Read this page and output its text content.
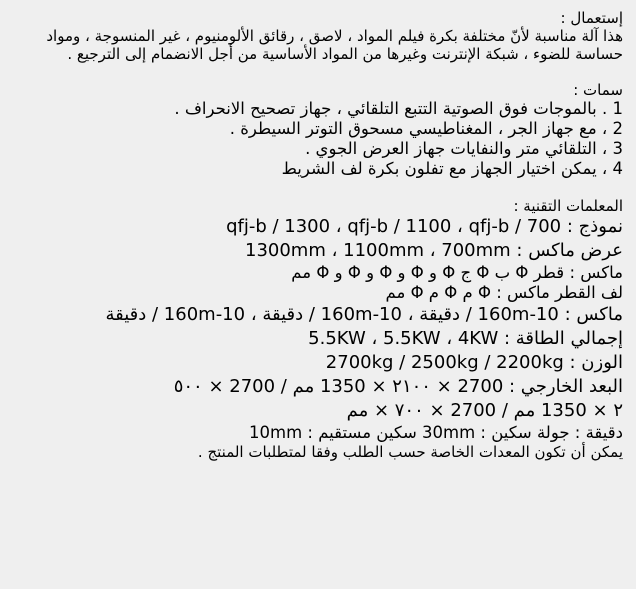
إستعمال :
هذا آلة مناسبة لأنّ مختلفة بكرة فيلم المواد ، لاصق ، رقائق الألومنيوم ، غير المنسوجة ، ومواد حساسة للضوء ، شبكة الإنترنت وغيرها من المواد الأساسية من أجل الانضمام إلى الترجيع .
سمات :
1 . بالموجات فوق الصوتية التتبع التلقائي ، جهاز تصحيح الانحراف .
2 ، مع جهاز الجر ، المغناطيسي مسحوق التوتر السيطرة .
3 ، التلقائي متر والنفايات جهاز العرض الجوي .
4 ، يمكن اختيار الجهاز مع تفلون بكرة لف الشريط
المعلمات التقنية :
نموذج : qfj-b / 1300 ، qfj-b / 1100 ، qfj-b / 700
عرض ماكس : 1300mm ، 1100mm ، 700mm
ماكس : قطر Φ ب Φ ج Φ و Φ و Φ و Φ و Φ مم
لف القطر ماكس : Φ م Φ م Φ مم
ماكس : 160m-10 / دقيقة ، 160m-10 / دقيقة ، 160m-10 / دقيقة
إجمالي الطاقة : 5.5KW ، 5.5KW ، 4KW
الوزن : 2700kg / 2500kg / 2200kg
البعد الخارجي : 2700 × ٢١٠٠ × 1350 مم / 2700 × ٥٠٠
٢ × 1350 مم / 2700 × ٧٠٠ × مم
دقيقة : جولة سكين : 30mm سكين مستقيم : 10mm
يمكن أن تكون المعدات الخاصة حسب الطلب وفقا لمتطلبات المنتج .
